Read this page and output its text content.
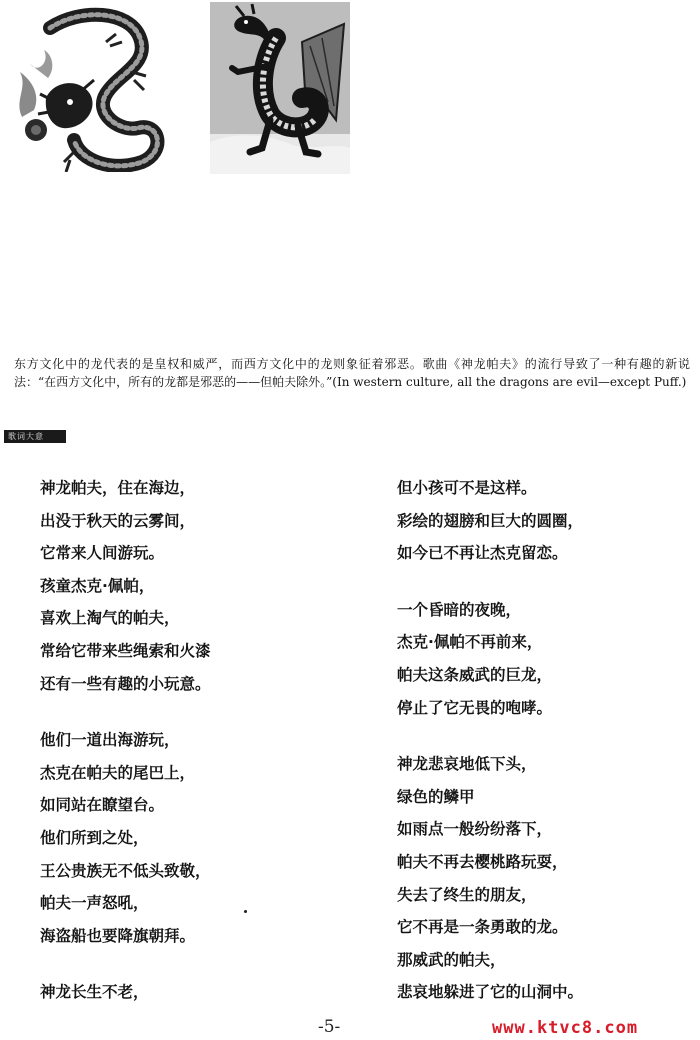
东方文化中的龙代表的是皇权和威严，而西方文化中的龙则象征着邪恶。歌曲《神龙帕夫》的流行导致了一种有趣的新说法：“在西方文化中，所有的龙都是邪恶的——但帕夫除外。”(In western culture, all the dragons are evil—except Puff.)
歌词大意
神龙帕夫，住在海边，
出没于秋天的云雾间，
它常来人间游玩。
孩童杰克·佩帕，
喜欢上淘气的帕夫，
常给它带来些绳索和火漆
还有一些有趣的小玩意。
他们一道出海游玩，
杰克在帕夫的尾巴上，
如同站在瞭望台。
他们所到之处，
王公贵族无不低头致敬，
帕夫一声怒吼，
海盗船也要降旗朝拜。
神龙长生不老，
但小孩可不是这样。
彩绘的翅膀和巨大的圆圈，
如今已不再让杰克留恋。
一个昏暗的夜晚，
杰克·佩帕不再前来，
帕夫这条威武的巨龙，
停止了它无畏的咆哮。
神龙悲哀地低下头，
绿色的鳞甲
如雨点一般纷纷落下，
帕夫不再去樱桃路玩耍，
失去了终生的朋友，
它不再是一条勇敢的龙。
那威武的帕夫，
悲哀地躲进了它的山洞中。
-5-	www.ktvc8.com
